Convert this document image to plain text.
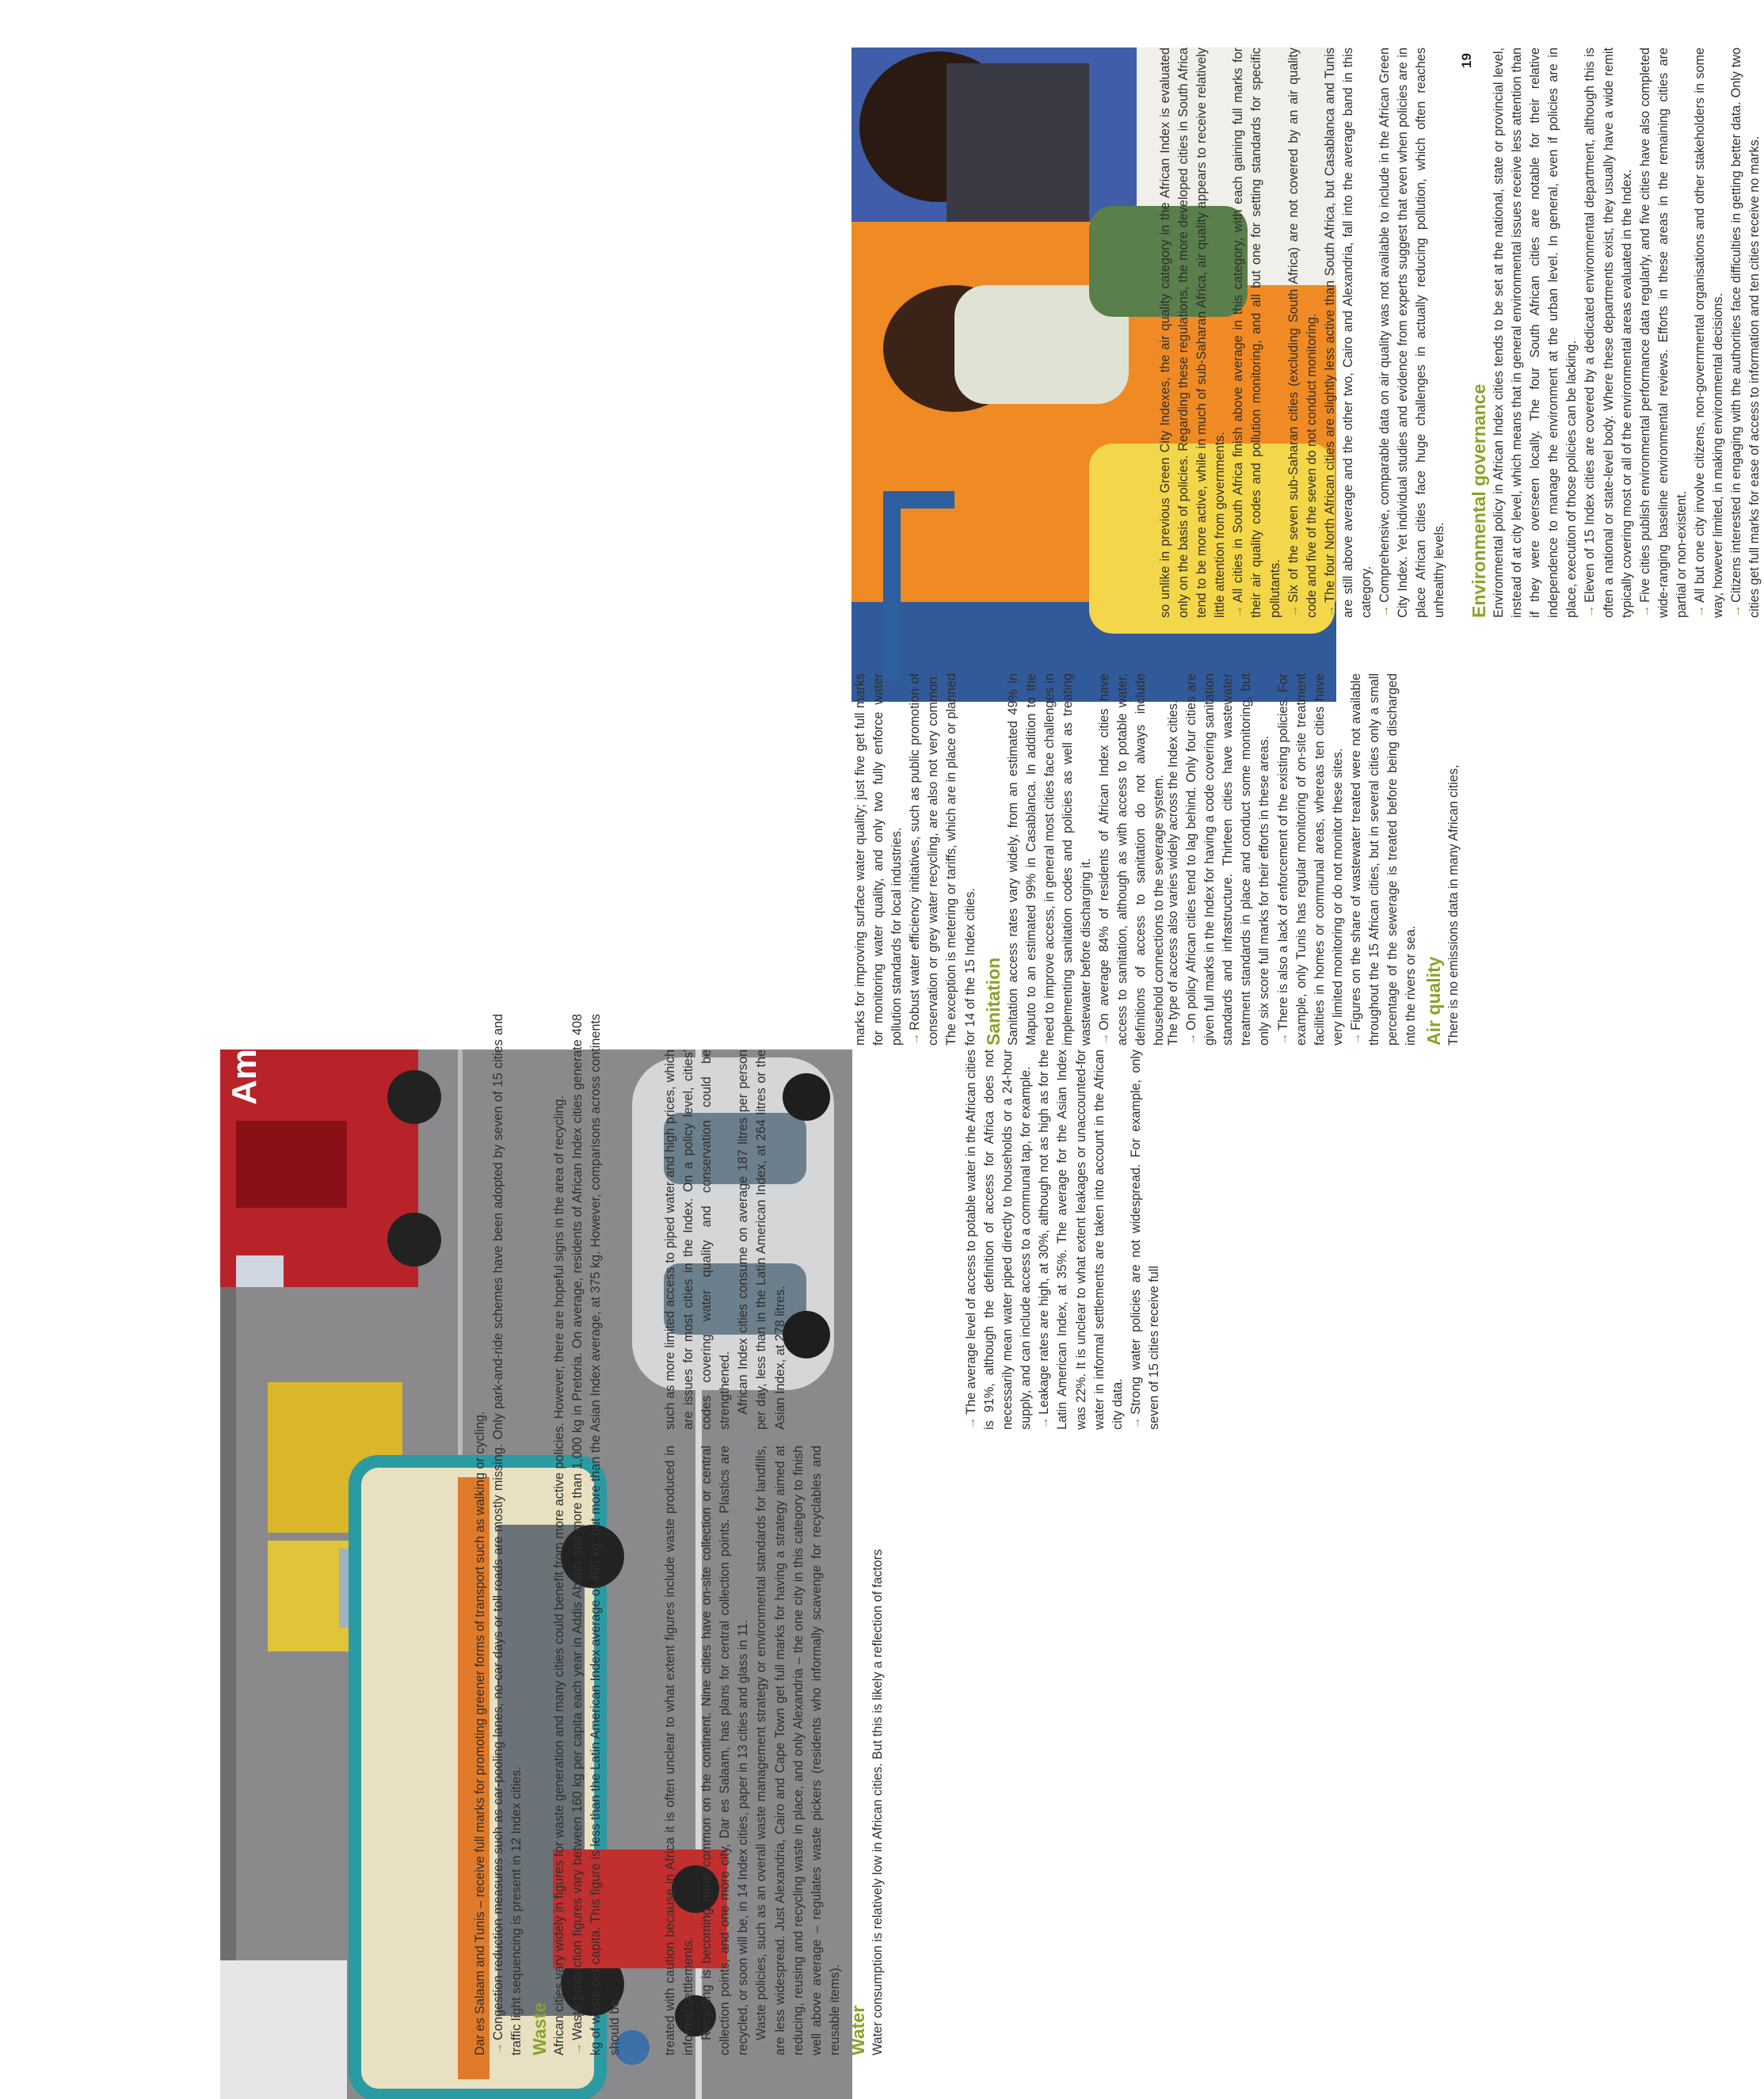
19
Amini

Dar es Salaam and Tunis – receive full marks for promoting greener forms of transport such as walking or cycling. →Congestion reduction measures such as car-pooling lanes, no-car days or toll roads are mostly missing. Only park-and-ride schemes have been adopted by seven of 15 cities and traffic light sequencing is present in 12 Index cities. Waste African cities vary widely in figures for waste generation and many cities could benefit from more active policies. However, there are hopeful signs in the area of recycling. →Waste production figures vary between 160 kg per capita each year in Addis Ababa and more than 1,000 kg in Pretoria. On average, residents of African Index cities generate 408 kg of waste per capita. This figure is less than the Latin American Index average of 465 kg, but more than the Asian Index average, at 375 kg. However, comparisons across continents should be	treated with caution because in Africa it is often unclear to what extent figures include waste produced in informal settlements. →Recycling is becoming more common on the continent. Nine cities have on-site collection or central collection points, and one more city, Dar es Salaam, has plans for central collection points. Plastics are recycled, or soon will be, in 14 Index cities, paper in 13 cities and glass in 11. →Waste policies, such as an overall waste management strategy or environmental standards for landfills, are less widespread. Just Alexandria, Cairo and Cape Town get full marks for having a strategy aimed at reducing, reusing and recycling waste in place, and only Alexandria – the one city in this category to finish well above average – regulates waste pickers (residents who informally scavenge for recyclables and reusable items). Water Water consumption is relatively low in African cities. But this is likely a reflection of factors

such as more limited access to piped water and high prices, which are issues for most cities in the Index. On a policy level, cities' codes covering water quality and conservation could be strengthened. →African Index cities consume on average 187 litres per person per day, less than in the Latin American Index, at 264 litres or the Asian Index, at 278 litres.	→The average level of access to potable water in the African cities is 91%, although the definition of access for Africa does not necessarily mean water piped directly to households or a 24-hour supply, and can include access to a communal tap, for example. →Leakage rates are high, at 30%, although not as high as for the Latin American Index, at 35%. The average for the Asian Index was 22%. It is unclear to what extent leakages or unaccounted-for water in informal settlements are taken into account in the African city data. →Strong water policies are not widespread. For example, only seven of 15 cities receive full

marks for improving surface water quality; just five get full marks for monitoring water quality, and only two fully enforce water pollution standards for local industries. →Robust water efficiency initiatives, such as public promotion of conservation or grey water recycling, are also not very common. The exception is metering or tariffs, which are in place or planned for 14 of the 15 Index cities. Sanitation Sanitation access rates vary widely, from an estimated 49% in Maputo to an estimated 99% in Casablanca. In addition to the need to improve access, in general most cities face challenges in implementing sanitation codes and policies as well as treating wastewater before discharging it. →On average 84% of residents of African Index cities have access to sanitation, although as with access to potable water, definitions of access to sanitation do not always include household connections to the severage system. The type of access also varies widely across the Index cities. →On policy African cities tend to lag behind. Only four cities are given full marks in the Index for having a code covering sanitation standards and infrastructure. Thirteen cities have wastewater treatment standards in place and conduct some monitoring, but only six score full marks for their efforts in these areas. →There is also a lack of enforcement of the existing policies. For example, only Tunis has regular monitoring of on-site treatment facilities in homes or communal areas, whereas ten cities have very limited monitoring or do not monitor these sites. →Figures on the share of wastewater treated were not available throughout the 15 African cities, but in several cities only a small percentage of the sewerage is treated before being discharged into the rivers or sea. Air quality There is no emissions data in many African cities,

so unlike in previous Green City Indexes, the air quality category in the African Index is evaluated only on the basis of policies. Regarding these regulations, the more developed cities in South Africa tend to be more active, while in much of sub-Saharan Africa, air quality appears to receive relatively little attention from governments. →All cities in South Africa finish above average in this category, with each gaining full marks for their air quality codes and pollution monitoring, and all but one for setting standards for specific pollutants. →Six of the seven sub-Saharan cities (excluding South Africa) are not covered by an air quality code and five of the seven do not conduct monitoring. →The four North African cities are slightly less active than South Africa, but Casablanca and Tunis are still above average and the other two, Cairo and Alexandria, fall into the average band in this category. →Comprehensive, comparable data on air quality was not available to include in the African Green City Index. Yet individual studies and evidence from experts suggest that even when policies are in place African cities face huge challenges in actually reducing pollution, which often reaches unhealthy levels. Environmental governance Environmental policy in African Index cities tends to be set at the national, state or provincial level, instead of at city level, which means that in general environmental issues receive less attention than if they were overseen locally. The four South African cities are notable for their relative independence to manage the environment at the urban level. In general, even if policies are in place, execution of those policies can be lacking. →Eleven of 15 Index cities are covered by a dedicated environmental department, although this is often a national or state-level body. Where these departments exist, they usually have a wide remit typically covering most or all of the environmental areas evaluated in the Index. →Five cities publish environmental performance data regularly, and five cities have also completed wide-ranging baseline environmental reviews. Efforts in these areas in the remaining cities are partial or non-existent. →All but one city involve citizens, non-governmental organisations and other stakeholders in some way, however limited, in making environmental decisions. →Citizens interested in engaging with the authorities face difficulties in getting better data. Only two cities get full marks for ease of access to information and ten cities receive no marks.
